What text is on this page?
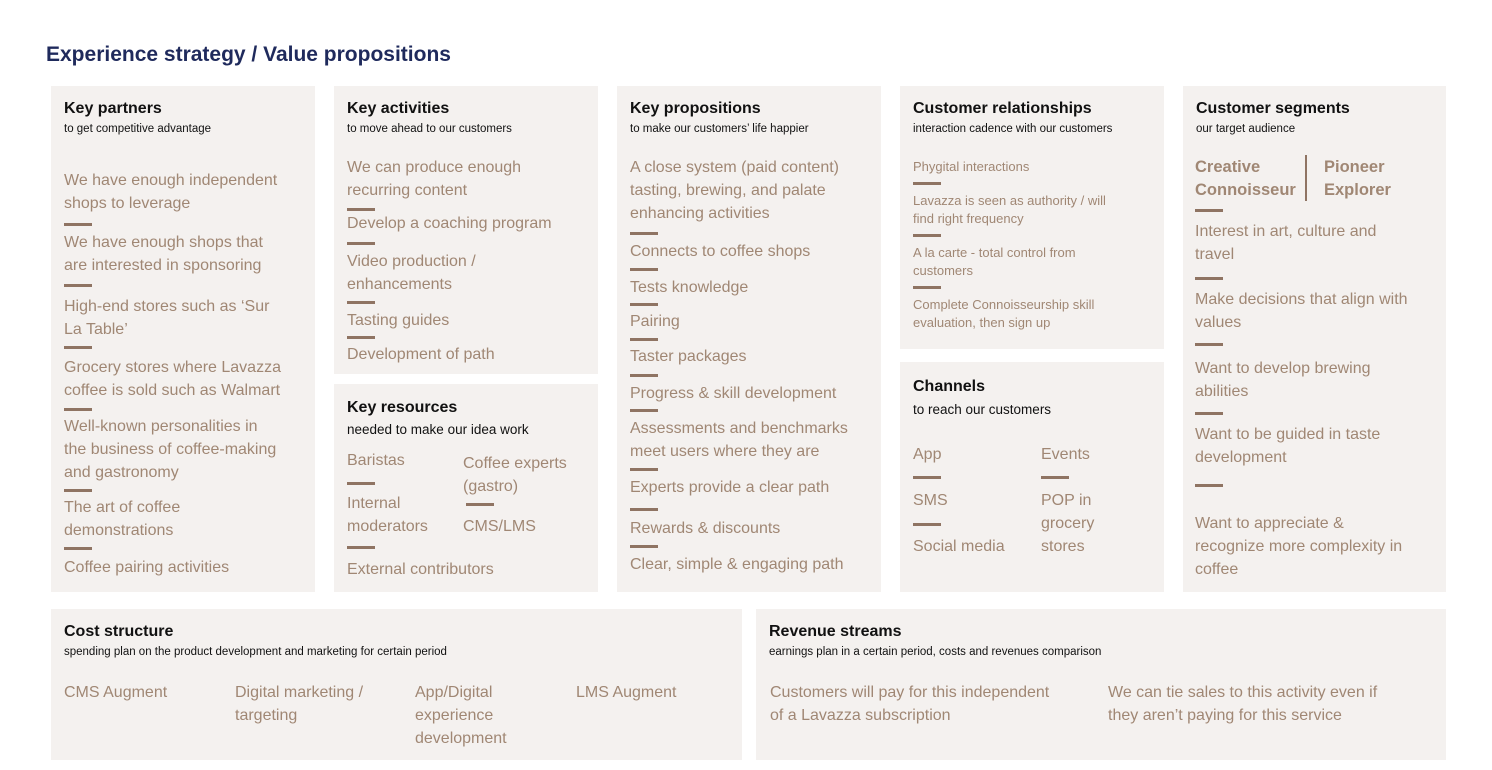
Experience strategy / Value propositions
Key partners
to get competitive advantage
We have enough independent
shops to leverage
We have enough shops that
are interested in sponsoring
High-end stores such as ‘Sur
La Table’
Grocery stores where Lavazza
coffee is sold such as Walmart
Well-known personalities in
the business of coffee-making
and gastronomy
The art of coffee
demonstrations
Coffee pairing activities
Key activities
to move ahead to our customers
We can produce enough
recurring content
Develop a coaching program
Video production /
enhancements
Tasting guides
Development of path
Key resources
needed to make our idea work
Baristas
Internal
moderators
External contributors
Coffee experts
(gastro)
CMS/LMS
Key propositions
to make our customers’ life happier
A close system (paid content)
tasting, brewing, and palate
enhancing activities
Connects to coffee shops
Tests knowledge
Pairing
Taster packages
Progress & skill development
Assessments and benchmarks
meet users where they are
Experts provide a clear path
Rewards & discounts
Clear, simple & engaging path
Customer relationships
interaction cadence with our customers
Phygital interactions
Lavazza is seen as authority / will
find right frequency
A la carte - total control from
customers
Complete Connoisseurship skill
evaluation, then sign up
Channels
to reach our customers
App
SMS
Social media
Events
POP in
grocery
stores
Customer segments
our target audience
Creative
Connoisseur
Pioneer
Explorer
Interest in art, culture and
travel
Make decisions that align with
values
Want to develop brewing
abilities
Want to be guided in taste
development
Want to appreciate &
recognize more complexity in
coffee
Cost structure
spending plan on the product development and marketing for certain period
CMS Augment	Digital marketing /
targeting
App/Digital
experience
development
LMS Augment
Revenue streams
earnings plan in a certain period, costs and revenues comparison
Customers will pay for this independent
of a Lavazza subscription
We can tie sales to this activity even if
they aren’t paying for this service
